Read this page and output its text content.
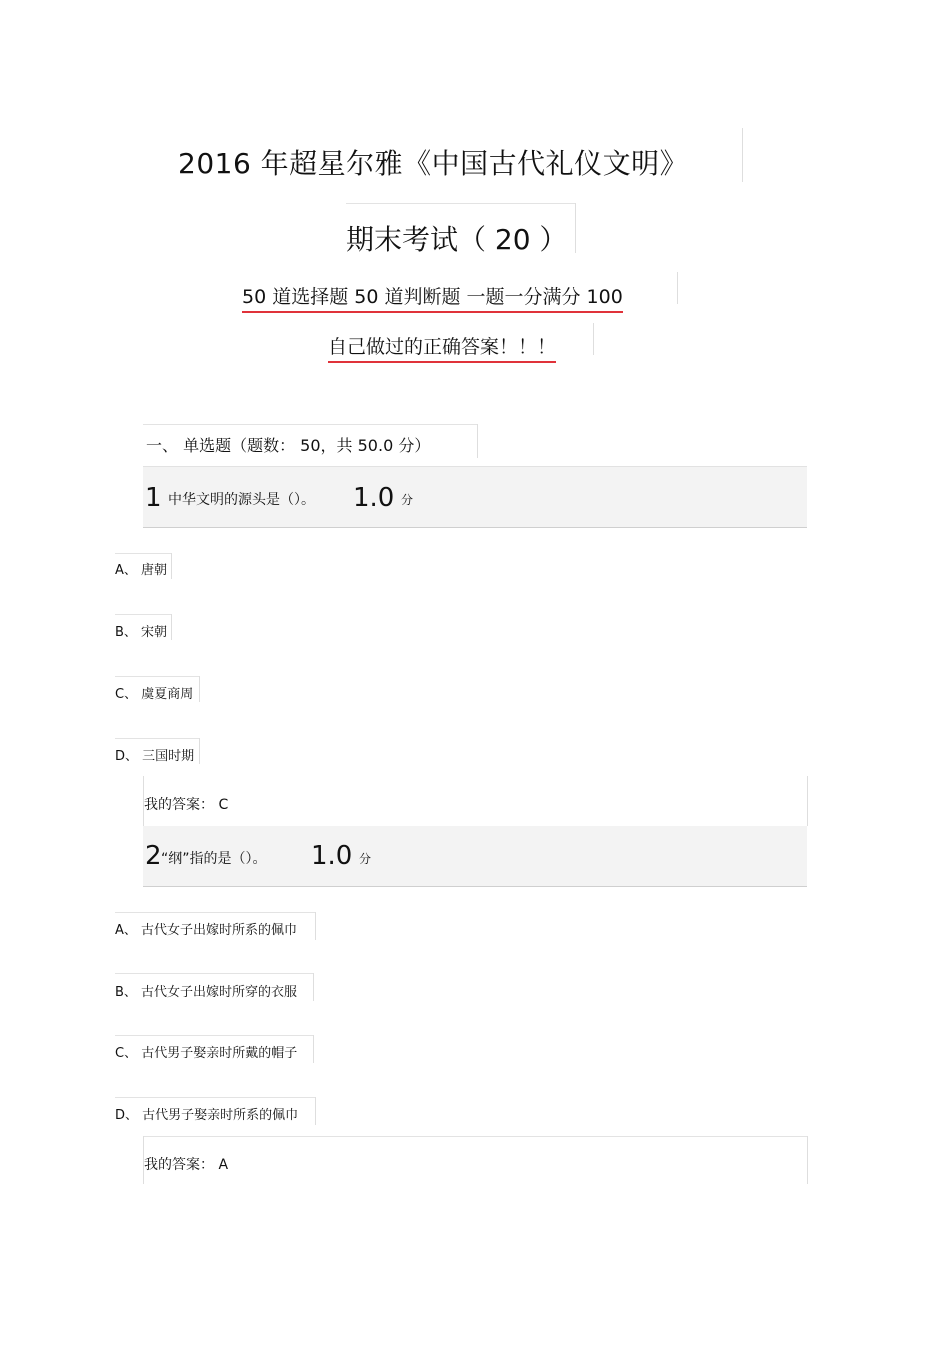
2016 年超星尔雅《中国古代礼仪文明》
期末考试（ 20 ）
50 道选择题 50 道判断题 一题一分满分 100
自己做过的正确答案！！！
一、 单选题（题数： 50，共 50.0 分）
1 中华文明的源头是（）。 1.0 分
A、 唐朝
B、 宋朝
C、 虞夏商周
D、 三国时期
我的答案： C
2 “纲”指的是（）。 1.0 分
A、 古代女子出嫁时所系的佩巾
B、 古代女子出嫁时所穿的衣服
C、 古代男子娶亲时所戴的帽子
D、 古代男子娶亲时所系的佩巾
我的答案： A
